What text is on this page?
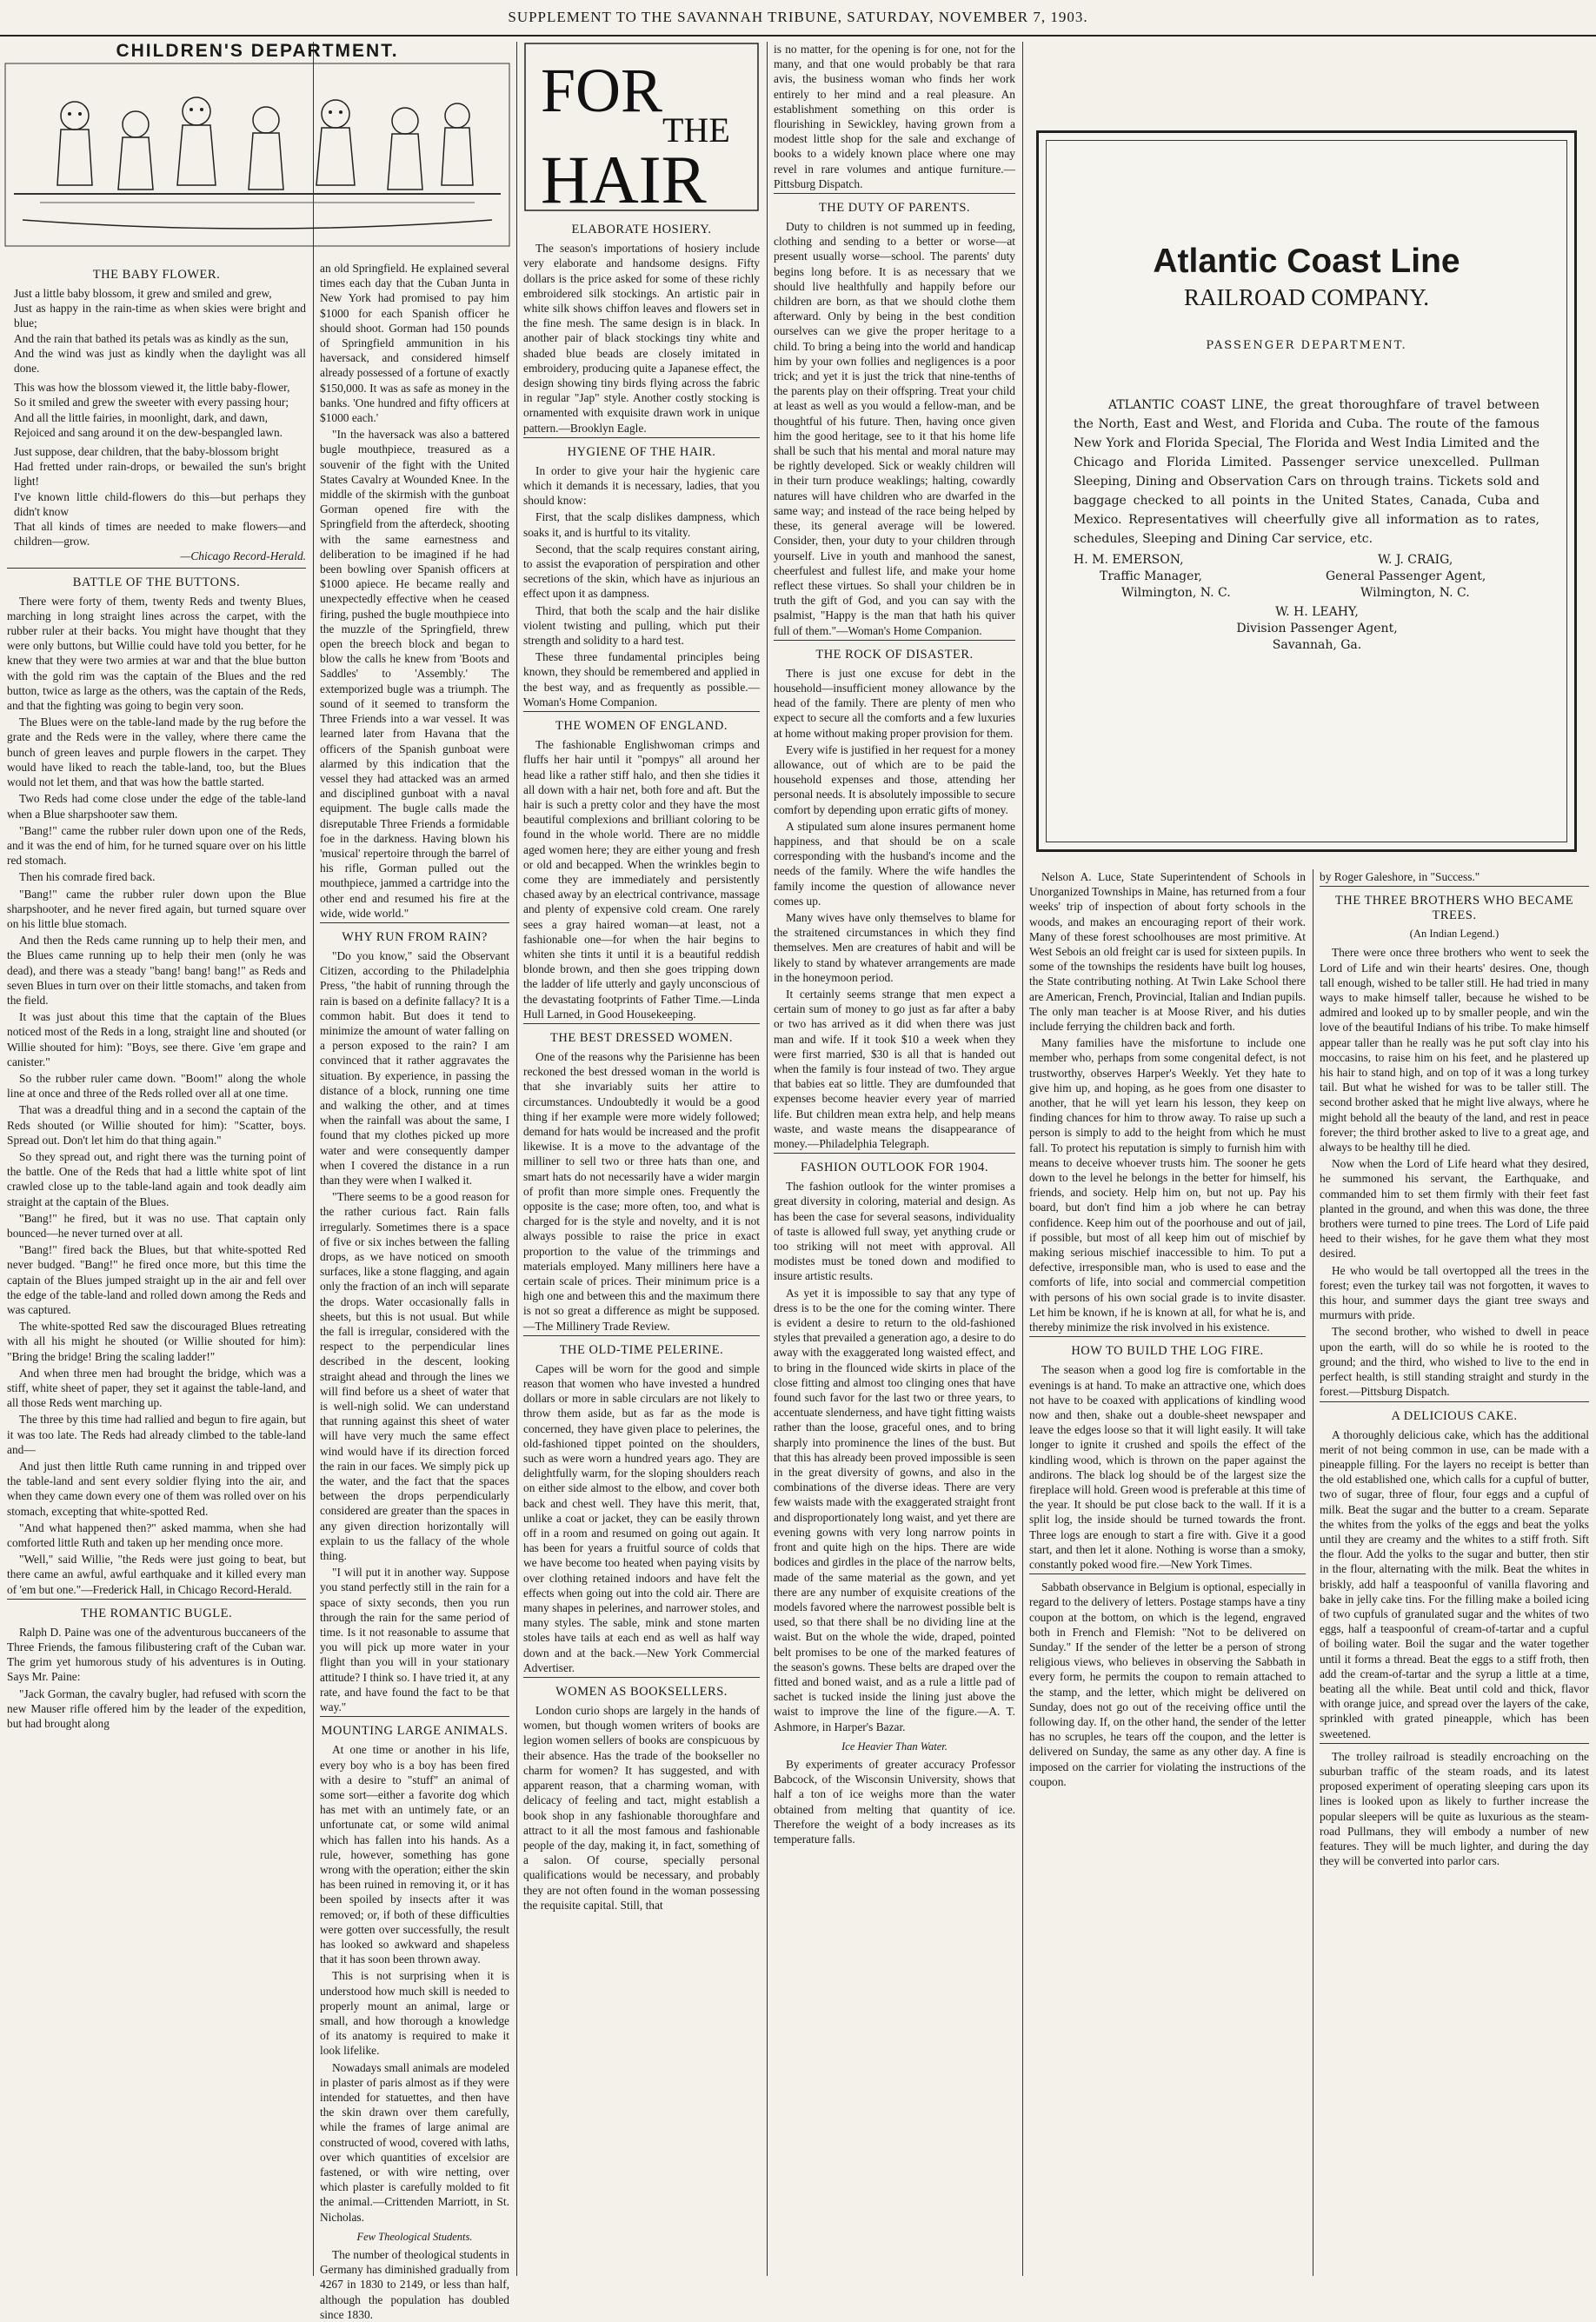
SUPPLEMENT TO THE SAVANNAH TRIBUNE, SATURDAY, NOVEMBER 7, 1903.
CHILDREN'S DEPARTMENT.
THE BABY FLOWER.
Just a little baby blossom, it grew and smiled and grew,
Just as happy in the rain-time as when skies were bright and blue;
And the rain that bathed its petals was as kindly as the sun,
And the wind was just as kindly when the daylight was all done.
This was how the blossom viewed it, the little baby-flower,
So it smiled and grew the sweeter with every passing hour;
And all the little fairies, in moonlight, dark, and dawn,
Rejoiced and sang around it on the dew-bespangled lawn.
Just suppose, dear children, that the baby-blossom bright
Had fretted under rain-drops, or bewailed the sun's bright light!
I've known little child-flowers do this—but perhaps they didn't know
That all kinds of times are needed to make flowers—and children—grow.
—Chicago Record-Herald.
BATTLE OF THE BUTTONS.

There were forty of them, twenty Reds and twenty Blues, marching in long straight lines across the carpet, with the rubber ruler at their backs. You might have thought that they were only buttons, but Willie could have told you better, for he knew that they were two armies at war and that the blue button with the gold rim was the captain of the Blues and the red button, twice as large as the others, was the captain of the Reds, and that the fighting was going to begin very soon.

The Blues were on the table-land made by the rug before the grate and the Reds were in the valley, where there came the bunch of green leaves and purple flowers in the carpet. They would have liked to reach the table-land, too, but the Blues would not let them, and that was how the battle started.

Two Reds had come close under the edge of the table-land when a Blue sharpshooter saw them.

"Bang!" came the rubber ruler down upon one of the Reds, and it was the end of him, for he turned square over on his little red stomach.

Then his comrade fired back.

"Bang!" came the rubber ruler down upon the Blue sharpshooter, and he never fired again, but turned square over on his little blue stomach.

And then the Reds came running up to help their men, and the Blues came running up to help their men (only he was dead), and there was a steady "bang! bang! bang!" as Reds and seven Blues in turn over on their little stomachs, and taken from the field.

It was just about this time that the captain of the Blues noticed most of the Reds in a long, straight line and shouted (or Willie shouted for him): "Boys, see there. Give 'em grape and canister."

So the rubber ruler came down. "Boom!" along the whole line at once and three of the Reds rolled over all at one time.

That was a dreadful thing and in a second the captain of the Reds shouted (or Willie shouted for him): "Scatter, boys. Spread out. Don't let him do that thing again."

So they spread out, and right there was the turning point of the battle. One of the Reds that had a little white spot of lint crawled close up to the table-land again and took deadly aim straight at the captain of the Blues.

"Bang!" he fired, but it was no use. That captain only bounced—he never turned over at all.

"Bang!" fired back the Blues, but that white-spotted Red never budged. "Bang!" he fired once more, but this time the captain of the Blues jumped straight up in the air and fell over the edge of the table-land and rolled down among the Reds and was captured.

The white-spotted Red saw the discouraged Blues retreating with all his might he shouted (or Willie shouted for him): "Bring the bridge! Bring the scaling ladder!"

And when three men had brought the bridge, which was a stiff, white sheet of paper, they set it against the table-land, and all those Reds went marching up.

The three by this time had rallied and begun to fire again, but it was too late. The Reds had already climbed to the table-land and—

And just then little Ruth came running in and tripped over the table-land and sent every soldier flying into the air, and when they came down every one of them was rolled over on his stomach, excepting that white-spotted Red.

"And what happened then?" asked mamma, when she had comforted little Ruth and taken up her mending once more.

"Well," said Willie, "the Reds were just going to beat, but there came an awful, awful earthquake and it killed every man of 'em but one."—Frederick Hall, in Chicago Record-Herald.

THE ROMANTIC BUGLE.

Ralph D. Paine was one of the adventurous buccaneers of the Three Friends, the famous filibustering craft of the Cuban war. The grim yet humorous study of his adventures is in Outing. Says Mr. Paine:

"Jack Gorman, the cavalry bugler, had refused with scorn the new Mauser rifle offered him by the leader of the expedition, but had brought along

an old Springfield. He explained several times each day that the Cuban Junta in New York had promised to pay him $1000 for each Spanish officer he should shoot. Gorman had 150 pounds of Springfield ammunition in his haversack, and considered himself already possessed of a fortune of exactly $150,000. It was as safe as money in the banks. 'One hundred and fifty officers at $1000 each.'

"In the haversack was also a battered bugle mouthpiece, treasured as a souvenir of the fight with the United States Cavalry at Wounded Knee. In the middle of the skirmish with the gunboat Gorman opened fire with the Springfield from the afterdeck, shooting with the same earnestness and deliberation to be imagined if he had been bowling over Spanish officers at $1000 apiece. He became really and unexpectedly effective when he ceased firing, pushed the bugle mouthpiece into the muzzle of the Springfield, threw open the breech block and began to blow the calls he knew from 'Boots and Saddles' to 'Assembly.' The extemporized bugle was a triumph. The sound of it seemed to transform the Three Friends into a war vessel. It was learned later from Havana that the officers of the Spanish gunboat were alarmed by this indication that the vessel they had attacked was an armed and disciplined gunboat with a naval equipment. The bugle calls made the disreputable Three Friends a formidable foe in the darkness. Having blown his 'musical' repertoire through the barrel of his rifle, Gorman pulled out the mouthpiece, jammed a cartridge into the other end and resumed his fire at the wide, wide world."

WHY RUN FROM RAIN?

"Do you know," said the Observant Citizen, according to the Philadelphia Press, "the habit of running through the rain is based on a definite fallacy? It is a common habit. But does it tend to minimize the amount of water falling on a person exposed to the rain? I am convinced that it rather aggravates the situation. By experience, in passing the distance of a block, running one time and walking the other, and at times when the rainfall was about the same, I found that my clothes picked up more water and were consequently damper when I covered the distance in a run than they were when I walked it.

"There seems to be a good reason for the rather curious fact. Rain falls irregularly. Sometimes there is a space of five or six inches between the falling drops, as we have noticed on smooth surfaces, like a stone flagging, and again only the fraction of an inch will separate the drops. Water occasionally falls in sheets, but this is not usual. But while the fall is irregular, considered with the respect to the perpendicular lines described in the descent, looking straight ahead and through the lines we will find before us a sheet of water that is well-nigh solid. We can understand that running against this sheet of water will have very much the same effect wind would have if its direction forced the rain in our faces. We simply pick up the water, and the fact that the spaces between the drops perpendicularly considered are greater than the spaces in any given direction horizontally will explain to us the fallacy of the whole thing.

"I will put it in another way. Suppose you stand perfectly still in the rain for a space of sixty seconds, then you run through the rain for the same period of time. Is it not reasonable to assume that you will pick up more water in your flight than you will in your stationary attitude? I think so. I have tried it, at any rate, and have found the fact to be that way."

MOUNTING LARGE ANIMALS.

At one time or another in his life, every boy who is a boy has been fired with a desire to "stuff" an animal of some sort—either a favorite dog which has met with an untimely fate, or an unfortunate cat, or some wild animal which has fallen into his hands. As a rule, however, something has gone wrong with the operation; either the skin has been ruined in removing it, or it has been spoiled by insects after it was removed; or, if both of these difficulties were gotten over successfully, the result has looked so awkward and shapeless that it has soon been thrown away.

This is not surprising when it is understood how much skill is needed to properly mount an animal, large or small, and how thorough a knowledge of its anatomy is required to make it look lifelike.

Nowadays small animals are modeled in plaster of paris almost as if they were intended for statuettes, and then have the skin drawn over them carefully, while the frames of large animal are constructed of wood, covered with laths, over which quantities of excelsior are fastened, or with wire netting, over which plaster is carefully molded to fit the animal.—Crittenden Marriott, in St. Nicholas.

Few Theological Students.

The number of theological students in Germany has diminished gradually from 4267 in 1830 to 2149, or less than half, although the population has doubled since 1830.

FOR
THE
HAIR
ELABORATE HOSIERY.

The season's importations of hosiery include very elaborate and handsome designs. Fifty dollars is the price asked for some of these richly embroidered silk stockings. An artistic pair in white silk shows chiffon leaves and flowers set in the fine mesh. The same design is in black. In another pair of black stockings tiny white and shaded blue beads are closely imitated in embroidery, producing quite a Japanese effect, the design showing tiny birds flying across the fabric in regular "Jap" style. Another costly stocking is ornamented with exquisite drawn work in unique pattern.—Brooklyn Eagle.

HYGIENE OF THE HAIR.

In order to give your hair the hygienic care which it demands it is necessary, ladies, that you should know:

First, that the scalp dislikes dampness, which soaks it, and is hurtful to its vitality.

Second, that the scalp requires constant airing, to assist the evaporation of perspiration and other secretions of the skin, which have as injurious an effect upon it as dampness.

Third, that both the scalp and the hair dislike violent twisting and pulling, which put their strength and solidity to a hard test.

These three fundamental principles being known, they should be remembered and applied in the best way, and as frequently as possible.—Woman's Home Companion.

THE WOMEN OF ENGLAND.

The fashionable Englishwoman crimps and fluffs her hair until it "pompys" all around her head like a rather stiff halo, and then she tidies it all down with a hair net, both fore and aft. But the hair is such a pretty color and they have the most beautiful complexions and brilliant coloring to be found in the whole world. There are no middle aged women here; they are either young and fresh or old and becapped. When the wrinkles begin to come they are immediately and persistently chased away by an electrical contrivance, massage and plenty of expensive cold cream. One rarely sees a gray haired woman—at least, not a fashionable one—for when the hair begins to whiten she tints it until it is a beautiful reddish blonde brown, and then she goes tripping down the ladder of life utterly and gayly unconscious of the devastating footprints of Father Time.—Linda Hull Larned, in Good Housekeeping.

THE BEST DRESSED WOMEN.

One of the reasons why the Parisienne has been reckoned the best dressed woman in the world is that she invariably suits her attire to circumstances. Undoubtedly it would be a good thing if her example were more widely followed; demand for hats would be increased and the profit likewise. It is a move to the advantage of the milliner to sell two or three hats than one, and smart hats do not necessarily have a wider margin of profit than more simple ones. Frequently the opposite is the case; more often, too, and what is charged for is the style and novelty, and it is not always possible to raise the price in exact proportion to the value of the trimmings and materials employed. Many milliners here have a certain scale of prices. Their minimum price is a high one and between this and the maximum there is not so great a difference as might be supposed.—The Millinery Trade Review.

THE OLD-TIME PELERINE.

Capes will be worn for the good and simple reason that women who have invested a hundred dollars or more in sable circulars are not likely to throw them aside, but as far as the mode is concerned, they have given place to pelerines, the old-fashioned tippet pointed on the shoulders, such as were worn a hundred years ago. They are delightfully warm, for the sloping shoulders reach on either side almost to the elbow, and cover both back and chest well. They have this merit, that, unlike a coat or jacket, they can be easily thrown off in a room and resumed on going out again. It has been for years a fruitful source of colds that we have become too heated when paying visits by over clothing retained indoors and have felt the effects when going out into the cold air. There are many shapes in pelerines, and narrower stoles, and many styles. The sable, mink and stone marten stoles have tails at each end as well as half way down and at the back.—New York Commercial Advertiser.

WOMEN AS BOOKSELLERS.

London curio shops are largely in the hands of women, but though women writers of books are legion women sellers of books are conspicuous by their absence. Has the trade of the bookseller no charm for women? It has suggested, and with apparent reason, that a charming woman, with delicacy of feeling and tact, might establish a book shop in any fashionable thoroughfare and attract to it all the most famous and fashionable people of the day, making it, in fact, something of a salon. Of course, specially personal qualifications would be necessary, and probably they are not often found in the woman possessing the requisite capital. Still, that

is no matter, for the opening is for one, not for the many, and that one would probably be that rara avis, the business woman who finds her work entirely to her mind and a real pleasure. An establishment something on this order is flourishing in Sewickley, having grown from a modest little shop for the sale and exchange of books to a widely known place where one may revel in rare volumes and antique furniture.—Pittsburg Dispatch.

THE DUTY OF PARENTS.

Duty to children is not summed up in feeding, clothing and sending to a better or worse—at present usually worse—school. The parents' duty begins long before. It is as necessary that we should live healthfully and happily before our children are born, as that we should clothe them afterward. Only by being in the best condition ourselves can we give the proper heritage to a child. To bring a being into the world and handicap him by your own follies and negligences is a poor trick; and yet it is just the trick that nine-tenths of the parents play on their offspring. Treat your child at least as well as you would a fellow-man, and be thoughtful of his future. Then, having once given him the good heritage, see to it that his home life shall be such that his mental and moral nature may be rightly developed. Sick or weakly children will in their turn produce weaklings; halting, cowardly natures will have children who are dwarfed in the same way; and instead of the race being helped by these, its general average will be lowered. Consider, then, your duty to your children through yourself. Live in youth and manhood the sanest, cheerfulest and fullest life, and make your home reflect these virtues. So shall your children be in truth the gift of God, and you can say with the psalmist, "Happy is the man that hath his quiver full of them."—Woman's Home Companion.

THE ROCK OF DISASTER.

There is just one excuse for debt in the household—insufficient money allowance by the head of the family. There are plenty of men who expect to secure all the comforts and a few luxuries at home without making proper provision for them.

Every wife is justified in her request for a money allowance, out of which are to be paid the household expenses and those, attending her personal needs. It is absolutely impossible to secure comfort by depending upon erratic gifts of money.

A stipulated sum alone insures permanent home happiness, and that should be on a scale corresponding with the husband's income and the needs of the family. Where the wife handles the family income the question of allowance never comes up.

Many wives have only themselves to blame for the straitened circumstances in which they find themselves. Men are creatures of habit and will be likely to stand by whatever arrangements are made in the honeymoon period.

It certainly seems strange that men expect a certain sum of money to go just as far after a baby or two has arrived as it did when there was just man and wife. If it took $10 a week when they were first married, $30 is all that is handed out when the family is four instead of two. They argue that babies eat so little. They are dumfounded that expenses become heavier every year of married life. But children mean extra help, and help means waste, and waste means the disappearance of money.—Philadelphia Telegraph.

FASHION OUTLOOK FOR 1904.

The fashion outlook for the winter promises a great diversity in coloring, material and design. As has been the case for several seasons, individuality of taste is allowed full sway, yet anything crude or too striking will not meet with approval. All modistes must be toned down and modified to insure artistic results.

As yet it is impossible to say that any type of dress is to be the one for the coming winter. There is evident a desire to return to the old-fashioned styles that prevailed a generation ago, a desire to do away with the exaggerated long waisted effect, and to bring in the flounced wide skirts in place of the close fitting and almost too clinging ones that have found such favor for the last two or three years, to accentuate slenderness, and have tight fitting waists rather than the loose, graceful ones, and to bring sharply into prominence the lines of the bust. But that this has already been proved impossible is seen in the great diversity of gowns, and also in the combinations of the diverse ideas. There are very few waists made with the exaggerated straight front and disproportionately long waist, and yet there are evening gowns with very long narrow points in front and quite high on the hips. There are wide bodices and girdles in the place of the narrow belts, made of the same material as the gown, and yet there are any number of exquisite creations of the models favored where the narrowest possible belt is used, so that there shall be no dividing line at the waist. But on the whole the wide, draped, pointed belt promises to be one of the marked features of the season's gowns. These belts are draped over the fitted and boned waist, and as a rule a little pad of sachet is tucked inside the lining just above the waist to improve the line of the figure.—A. T. Ashmore, in Harper's Bazar.

Ice Heavier Than Water.

By experiments of greater accuracy Professor Babcock, of the Wisconsin University, shows that half a ton of ice weighs more than the water obtained from melting that quantity of ice. Therefore the weight of a body increases as its temperature falls.

Atlantic Coast Line
RAILROAD COMPANY.
PASSENGER DEPARTMENT.

ATLANTIC COAST LINE, the great thoroughfare of travel between the North, East and West, and Florida and Cuba. The route of the famous New York and Florida Special, The Florida and West India Limited and the Chicago and Florida Limited. Passenger service unexcelled. Pullman Sleeping, Dining and Observation Cars on through trains. Tickets sold and baggage checked to all points in the United States, Canada, Cuba and Mexico. Representatives will cheerfully give all information as to rates, schedules, Sleeping and Dining Car service, etc.

H. M. EMERSON,
Traffic Manager,
Wilmington, N. C.
W. J. CRAIG,
General Passenger Agent,
Wilmington, N. C.
W. H. LEAHY,
Division Passenger Agent,
Savannah, Ga.

Nelson A. Luce, State Superintendent of Schools in Unorganized Townships in Maine, has returned from a four weeks' trip of inspection of about forty schools in the woods, and makes an encouraging report of their work. Many of these forest schoolhouses are most primitive. At West Sebois an old freight car is used for sixteen pupils. In some of the townships the residents have built log houses, the State contributing nothing. At Twin Lake School there are American, French, Provincial, Italian and Indian pupils. The only man teacher is at Moose River, and his duties include ferrying the children back and forth.

Many families have the misfortune to include one member who, perhaps from some congenital defect, is not trustworthy, observes Harper's Weekly. Yet they hate to give him up, and hoping, as he goes from one disaster to another, that he will yet learn his lesson, they keep on finding chances for him to throw away. To raise up such a person is simply to add to the height from which he must fall. To protect his reputation is simply to furnish him with means to deceive whoever trusts him. The sooner he gets down to the level he belongs in the better for himself, his friends, and society. Help him on, but not up. Pay his board, but don't find him a job where he can betray confidence. Keep him out of the poorhouse and out of jail, if possible, but most of all keep him out of mischief by making serious mischief inaccessible to him. To put a defective, irresponsible man, who is used to ease and the comforts of life, into social and commercial competition with persons of his own social grade is to invite disaster. Let him be known, if he is known at all, for what he is, and thereby minimize the risk involved in his existence.

HOW TO BUILD THE LOG FIRE.

The season when a good log fire is comfortable in the evenings is at hand. To make an attractive one, which does not have to be coaxed with applications of kindling wood now and then, shake out a double-sheet newspaper and leave the edges loose so that it will light easily. It will take longer to ignite it crushed and spoils the effect of the kindling wood, which is thrown on the paper against the andirons. The black log should be of the largest size the fireplace will hold. Green wood is preferable at this time of the year. It should be put close back to the wall. If it is a split log, the inside should be turned towards the front. Three logs are enough to start a fire with. Give it a good start, and then let it alone. Nothing is worse than a smoky, constantly poked wood fire.—New York Times.

Sabbath observance in Belgium is optional, especially in regard to the delivery of letters. Postage stamps have a tiny coupon at the bottom, on which is the legend, engraved both in French and Flemish: "Not to be delivered on Sunday." If the sender of the letter be a person of strong religious views, who believes in observing the Sabbath in every form, he permits the coupon to remain attached to the stamp, and the letter, which might be delivered on Sunday, does not go out of the receiving office until the following day. If, on the other hand, the sender of the letter has no scruples, he tears off the coupon, and the letter is delivered on Sunday, the same as any other day. A fine is imposed on the carrier for violating the instructions of the coupon.

by Roger Galeshore, in "Success."

THE THREE BROTHERS WHO BECAME TREES.
(An Indian Legend.)

There were once three brothers who went to seek the Lord of Life and win their hearts' desires. One, though tall enough, wished to be taller still. He had tried in many ways to make himself taller, because he wished to be admired and looked up to by smaller people, and win the love of the beautiful Indians of his tribe. To make himself appear taller than he really was he put soft clay into his moccasins, to raise him on his feet, and he plastered up his hair to stand high, and on top of it was a long turkey tail. But what he wished for was to be taller still. The second brother asked that he might live always, where he might behold all the beauty of the land, and rest in peace forever; the third brother asked to live to a great age, and always to be healthy till he died.

Now when the Lord of Life heard what they desired, he summoned his servant, the Earthquake, and commanded him to set them firmly with their feet fast planted in the ground, and when this was done, the three brothers were turned to pine trees. The Lord of Life paid heed to their wishes, for he gave them what they most desired.

He who would be tall overtopped all the trees in the forest; even the turkey tail was not forgotten, it waves to this hour, and summer days the giant tree sways and murmurs with pride.

The second brother, who wished to dwell in peace upon the earth, will do so while he is rooted to the ground; and the third, who wished to live to the end in perfect health, is still standing straight and sturdy in the forest.—Pittsburg Dispatch.

A DELICIOUS CAKE.

A thoroughly delicious cake, which has the additional merit of not being common in use, can be made with a pineapple filling. For the layers no receipt is better than the old established one, which calls for a cupful of butter, two of sugar, three of flour, four eggs and a cupful of milk. Beat the sugar and the butter to a cream. Separate the whites from the yolks of the eggs and beat the yolks until they are creamy and the whites to a stiff froth. Sift the flour. Add the yolks to the sugar and butter, then stir in the flour, alternating with the milk. Beat the whites in briskly, add half a teaspoonful of vanilla flavoring and bake in jelly cake tins. For the filling make a boiled icing of two cupfuls of granulated sugar and the whites of two eggs, half a teaspoonful of cream-of-tartar and a cupful of boiling water. Boil the sugar and the water together until it forms a thread. Beat the eggs to a stiff froth, then add the cream-of-tartar and the syrup a little at a time, beating all the while. Beat until cold and thick, flavor with orange juice, and spread over the layers of the cake, sprinkled with grated pineapple, which has been sweetened.

The trolley railroad is steadily encroaching on the suburban traffic of the steam roads, and its latest proposed experiment of operating sleeping cars upon its lines is looked upon as likely to further increase the popular sleepers will be quite as luxurious as the steam-road Pullmans, they will embody a number of new features. They will be much lighter, and during the day they will be converted into parlor cars.
